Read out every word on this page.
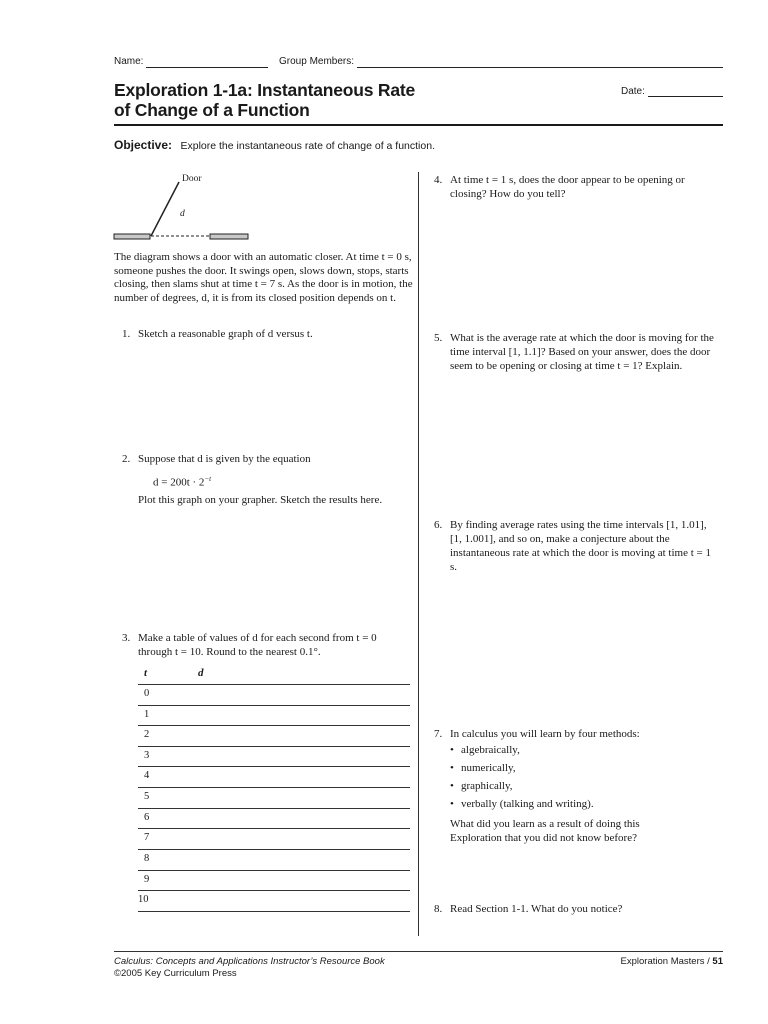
Name:	Group Members:
Exploration 1-1a: Instantaneous Rate
of Change of a Function
Date:
Objective: Explore the instantaneous rate of change of a function.
Door
d
The diagram shows a door with an automatic closer. At time t = 0 s, someone pushes the door. It swings open, slows down, stops, starts closing, then slams shut at time t = 7 s. As the door is in motion, the number of degrees, d, it is from its closed position depends on t.
1. Sketch a reasonable graph of d versus t.
2. Suppose that d is given by the equation
$d = 200t \cdot 2^{-t}$
Plot this graph on your grapher. Sketch the results here.
3. Make a table of values of d for each second from t = 0 through t = 10. Round to the nearest 0.1°.
t	d
0
1
2
3
4
5
6
7
8
9
10
4. At time t = 1 s, does the door appear to be opening or closing? How do you tell?
5. What is the average rate at which the door is moving for the time interval [1, 1.1]? Based on your answer, does the door seem to be opening or closing at time t = 1? Explain.
6. By finding average rates using the time intervals [1, 1.01], [1, 1.001], and so on, make a conjecture about the instantaneous rate at which the door is moving at time t = 1 s.
7. In calculus you will learn by four methods:
• algebraically,
• numerically,
• graphically,
• verbally (talking and writing).
What did you learn as a result of doing this Exploration that you did not know before?
8. Read Section 1-1. What do you notice?
Calculus: Concepts and Applications Instructor’s Resource Book
©2005 Key Curriculum Press
Exploration Masters / 51
